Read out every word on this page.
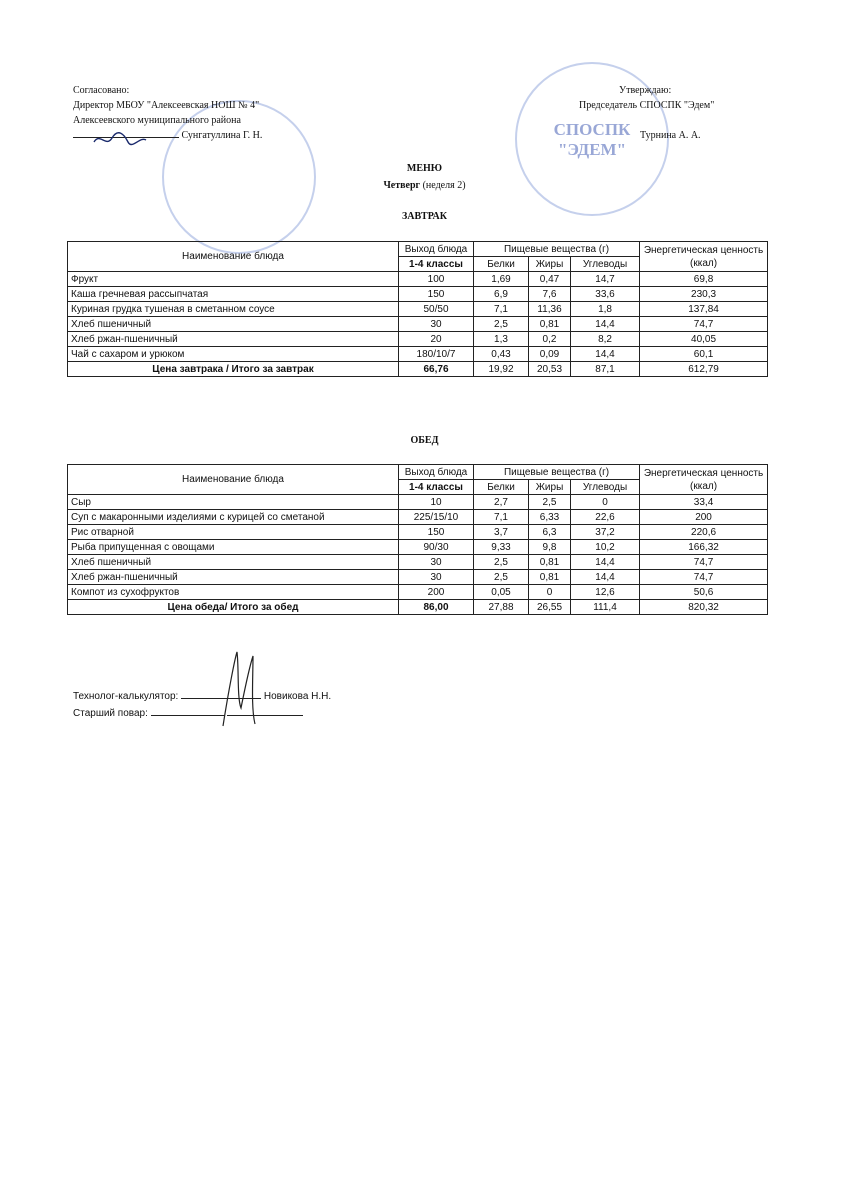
СПОСПК "ЭДЕМ"
Согласовано:
Директор МБОУ "Алексеевская НОШ № 4"
Алексеевского муниципального района
Сунгатуллина Г. Н.
Утверждаю:
Председатель СПОСПК "Эдем"
Турнина А. А.
МЕНЮ
Четверг (неделя 2)
ЗАВТРАК
Наименование блюда	Выход блюда	Пищевые вещества (г)			Энергетическая ценность (ккал)
	1-4 классы	Белки	Жиры	Углеводы	
Фрукт	100	1,69	0,47	14,7	69,8
Каша гречневая рассыпчатая	150	6,9	7,6	33,6	230,3
Куриная грудка тушеная в сметанном соусе	50/50	7,1	11,36	1,8	137,84
Хлеб пшеничный	30	2,5	0,81	14,4	74,7
Хлеб ржан-пшеничный	20	1,3	0,2	8,2	40,05
Чай с сахаром и урюком	180/10/7	0,43	0,09	14,4	60,1
Цена завтрака / Итого за завтрак	66,76	19,92	20,53	87,1	612,79
ОБЕД
Наименование блюда	Выход блюда	Пищевые вещества (г)			Энергетическая ценность (ккал)
	1-4 классы	Белки	Жиры	Углеводы	
Сыр	10	2,7	2,5	0	33,4
Суп с макаронными изделиями с курицей со сметаной	225/15/10	7,1	6,33	22,6	200
Рис отварной	150	3,7	6,3	37,2	220,6
Рыба припущенная с овощами	90/30	9,33	9,8	10,2	166,32
Хлеб пшеничный	30	2,5	0,81	14,4	74,7
Хлеб ржан-пшеничный	30	2,5	0,81	14,4	74,7
Компот из сухофруктов	200	0,05	0	12,6	50,6
Цена обеда/ Итого за обед	86,00	27,88	26,55	111,4	820,32
Технолог-калькулятор:	Новикова Н.Н.
Старший повар:
